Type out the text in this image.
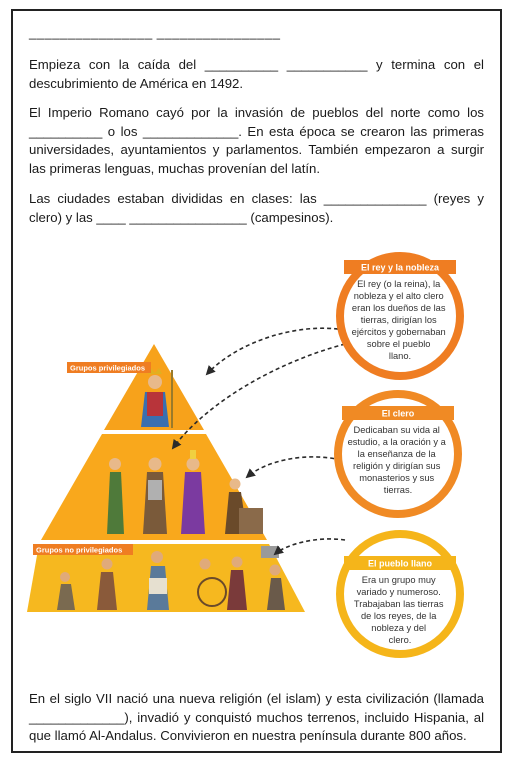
________________ ________________

Empieza con la caída del __________ ___________ y termina con el descubrimiento de América en 1492.

El Imperio Romano cayó por la invasión de pueblos del norte como los __________ o los _____________. En esta época se crearon las primeras universidades, ayuntamientos y parlamentos. También empezaron a surgir las primeras lenguas, muchas provenían del latín.

Las ciudades estaban divididas en clases: las ______________ (reyes y clero) y las ____ ________________ (campesinos).

Grupos privilegiados
Grupos no privilegiados
El rey y la nobleza
El rey (o la reina), la nobleza y el alto clero eran los dueños de las tierras, dirigían los ejércitos y gobernaban sobre el pueblo llano.
El clero
Dedicaban su vida al estudio, a la oración y a la enseñanza de la religión y dirigían sus monasterios y sus tierras.
El pueblo llano
Era un grupo muy variado y numeroso. Trabajaban las tierras de los reyes, de la nobleza y del clero.

En el siglo VII nació una nueva religión (el islam) y esta civilización (llamada _____________), invadió y conquistó muchos terrenos, incluido Hispania, al que llamó Al-Andalus. Convivieron en nuestra península durante 800 años.
